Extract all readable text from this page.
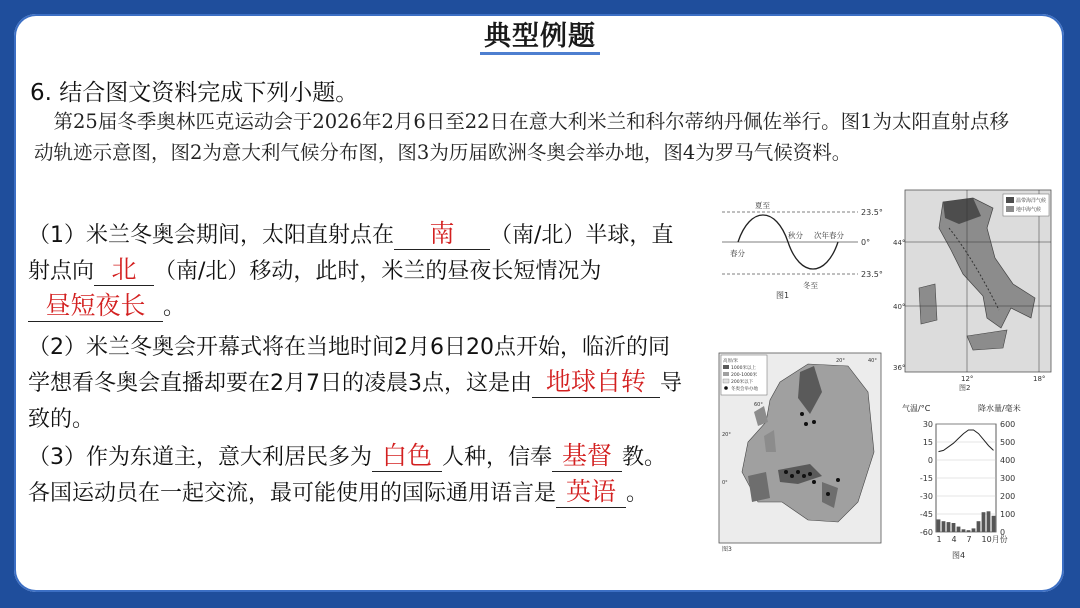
典型例题
6. 结合图文资料完成下列小题。
　第25届冬季奥林匹克运动会于2026年2月6日至22日在意大利米兰和科尔蒂纳丹佩佐举行。图1为太阳直射点移动轨迹示意图，图2为意大利气候分布图，图3为历届欧洲冬奥会举办地，图4为罗马气候资料。
（1）米兰冬奥会期间，太阳直射点在 南 （南/北）半球，直射点向 北 （南/北）移动，此时，米兰的昼夜长短情况为昼短夜长 。
（2）米兰冬奥会开幕式将在当地时间2月6日20点开始，临沂的同学想看冬奥会直播却要在2月7日的凌晨3点，这是由 地球自转 导致的。
（3）作为东道主，意大利居民多为 白色 人种，信奉 基督 教。各国运动员在一起交流，最可能使用的国际通用语言是 英语 。
23.5°
0°
23.5°
夏至
秋分 次年春分
春分
冬至
图1
温带海洋气候
地中海气候
44°
40°
36°
12°	18°
图2
高原/米
1000米以上
200-1000米
200米以下
冬奥会举办地
60°
20°
0°
20°	40°
图3
气温/°C	降水量/毫米
30	600
15	500
0	400
-15	300
-30	200
-45	100
-60	0
1 4 7 10月份
图4
